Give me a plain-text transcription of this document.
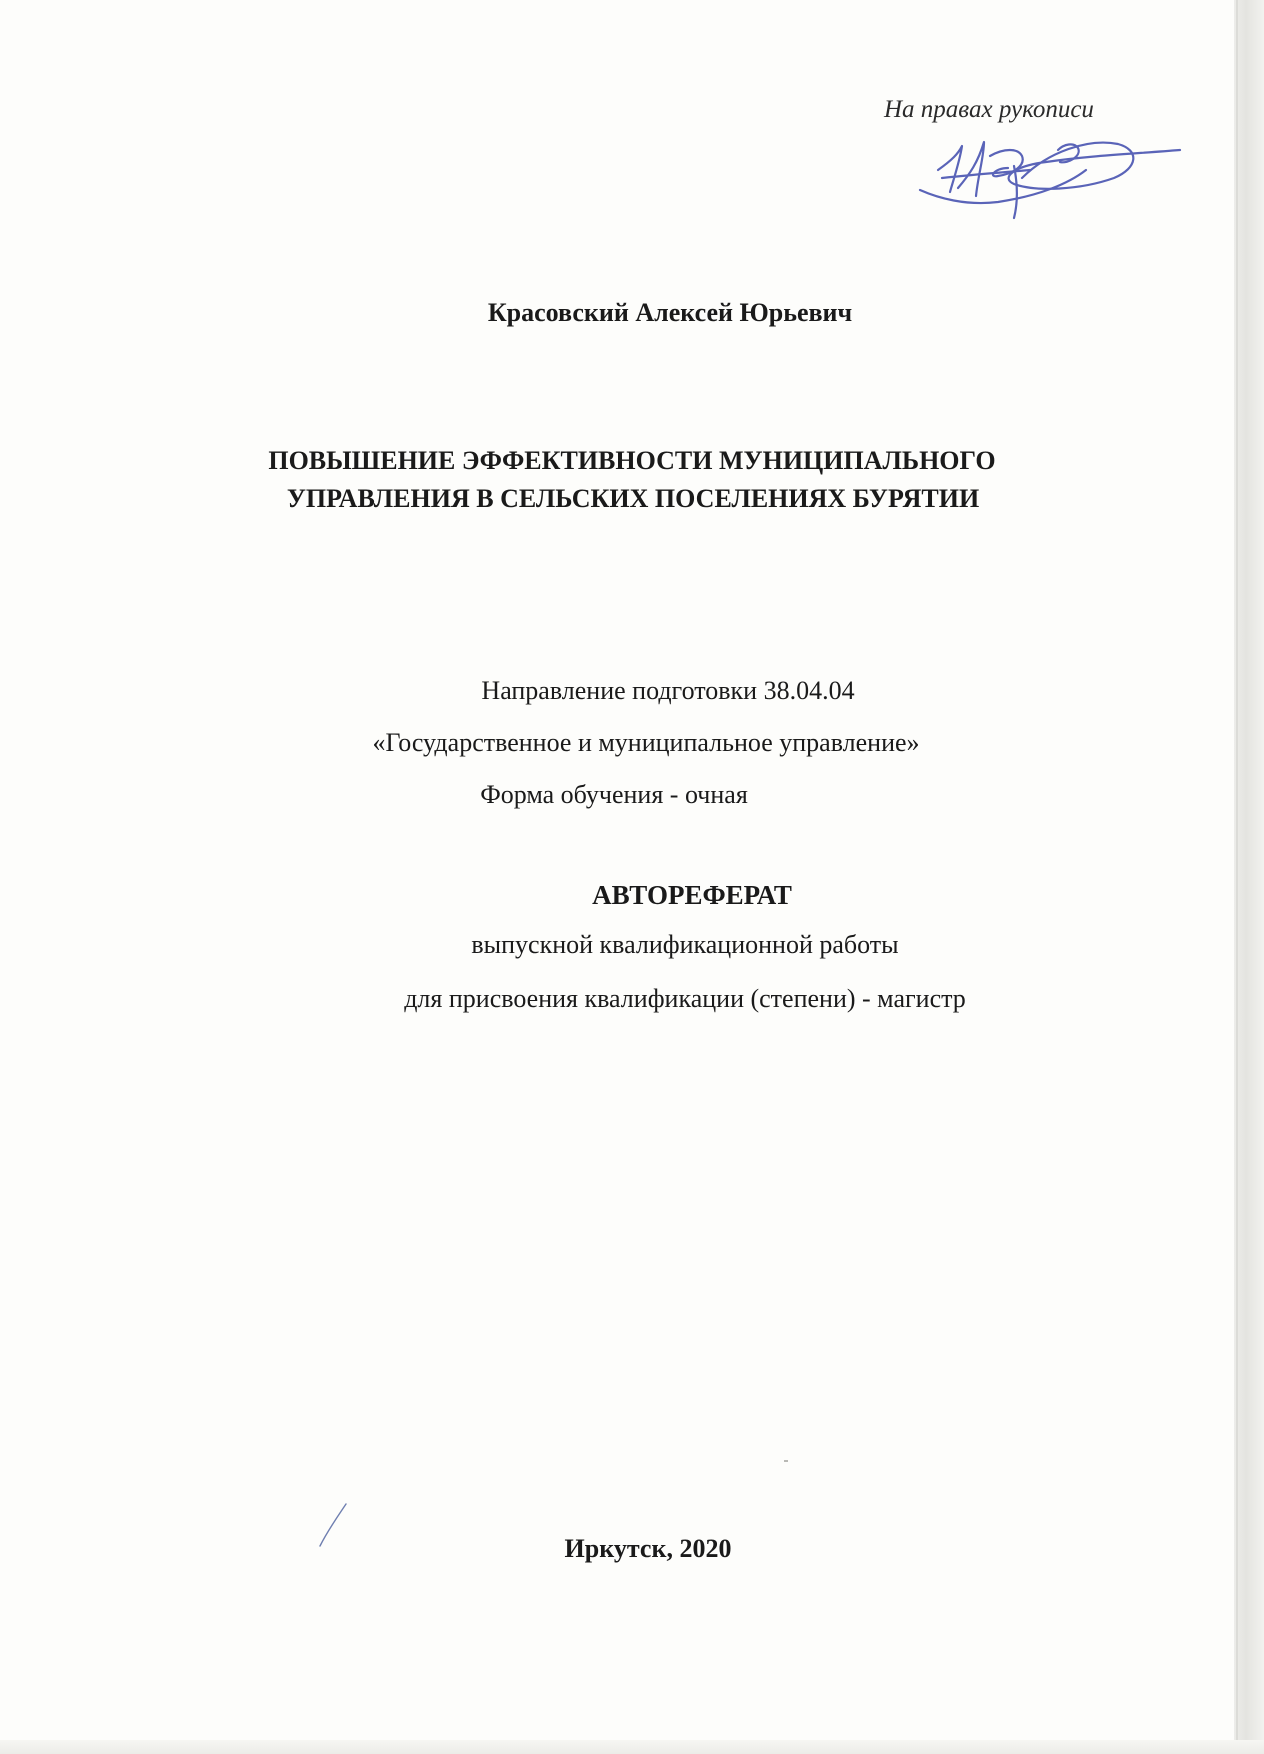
На правах рукописи
Красовский Алексей Юрьевич
ПОВЫШЕНИЕ ЭФФЕКТИВНОСТИ МУНИЦИПАЛЬНОГО
УПРАВЛЕНИЯ В СЕЛЬСКИХ ПОСЕЛЕНИЯХ БУРЯТИИ
Направление подготовки 38.04.04
«Государственное и муниципальное управление»
Форма обучения - очная
АВТОРЕФЕРАТ
выпускной квалификационной работы
для присвоения квалификации (степени) - магистр
Иркутск, 2020
